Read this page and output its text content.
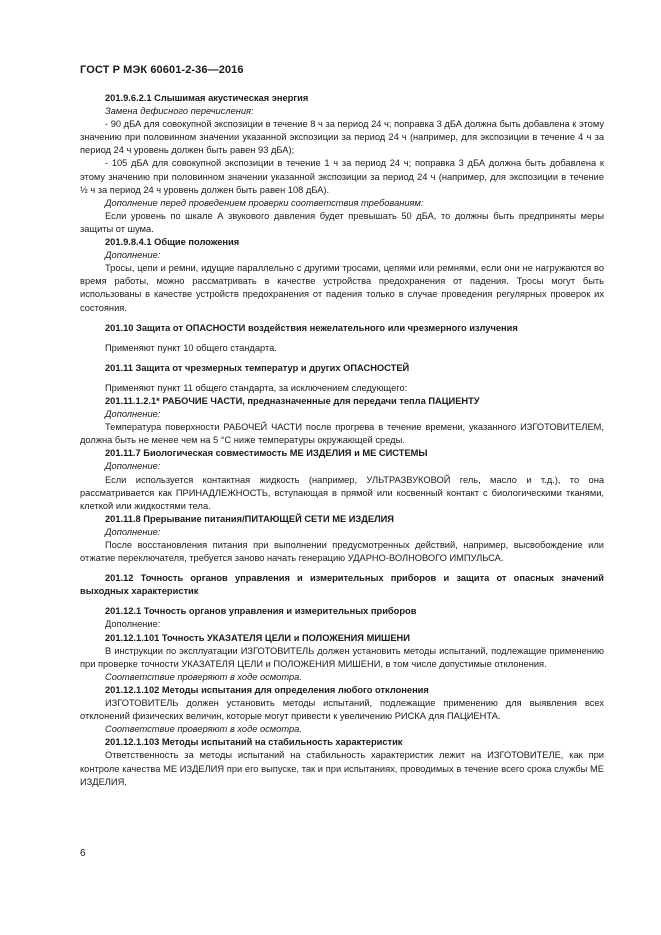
ГОСТ Р МЭК 60601-2-36—2016

201.9.6.2.1 Слышимая акустическая энергия

Замена дефисного перечисления:

- 90 дБА для совокупной экспозиции в течение 8 ч за период 24 ч; поправка 3 дБА должна быть добавлена к этому значению при половинном значении указанной экспозиции за период 24 ч (например, для экспозиции в течение 4 ч за период 24 ч уровень должен быть равен 93 дБА);

- 105 дБА для совокупной экспозиции в течение 1 ч за период 24 ч; поправка 3 дБА должна быть добавлена к этому значению при половинном значении указанной экспозиции за период 24 ч (например, для экспозиции в течение ½ ч за период 24 ч уровень должен быть равен 108 дБА).

Дополнение перед проведением проверки соответствия требованиям:

Если уровень по шкале А звукового давления будет превышать 50 дБА, то должны быть предприняты меры защиты от шума.

201.9.8.4.1 Общие положения

Дополнение:

Тросы, цепи и ремни, идущие параллельно с другими тросами, цепями или ремнями, если они не нагружаются во время работы, можно рассматривать в качестве устройства предохранения от падения. Тросы могут быть использованы в качестве устройств предохранения от падения только в случае проведения регулярных проверок их состояния.

201.10 Защита от ОПАСНОСТИ воздействия нежелательного или чрезмерного излучения

Применяют пункт 10 общего стандарта.

201.11 Защита от чрезмерных температур и других ОПАСНОСТЕЙ

Применяют пункт 11 общего стандарта, за исключением следующего:

201.11.1.2.1* РАБОЧИЕ ЧАСТИ, предназначенные для передачи тепла ПАЦИЕНТУ

Дополнение:

Температура поверхности РАБОЧЕЙ ЧАСТИ после прогрева в течение времени, указанного ИЗГОТОВИТЕЛЕМ, должна быть не менее чем на 5 °С ниже температуры окружающей среды.

201.11.7 Биологическая совместимость МЕ ИЗДЕЛИЯ и МЕ СИСТЕМЫ

Дополнение:

Если используется контактная жидкость (например, УЛЬТРАЗВУКОВОЙ гель, масло и т.д.), то она рассматривается как ПРИНАДЛЕЖНОСТЬ, вступающая в прямой или косвенный контакт с биологическими тканями, клеткой или жидкостями тела.

201.11.8 Прерывание питания/ПИТАЮЩЕЙ СЕТИ МЕ ИЗДЕЛИЯ

Дополнение:

После восстановления питания при выполнении предусмотренных действий, например, высвобождение или отжатие переключателя, требуется заново начать генерацию УДАРНО-ВОЛНОВОГО ИМПУЛЬСА.

201.12 Точность органов управления и измерительных приборов и защита от опасных значений выходных характеристик

201.12.1 Точность органов управления и измерительных приборов

Дополнение:

201.12.1.101 Точность УКАЗАТЕЛЯ ЦЕЛИ и ПОЛОЖЕНИЯ МИШЕНИ

В инструкции по эксплуатации ИЗГОТОВИТЕЛЬ должен установить методы испытаний, подлежащие применению при проверке точности УКАЗАТЕЛЯ ЦЕЛИ и ПОЛОЖЕНИЯ МИШЕНИ, в том числе допустимые отклонения.

Соответствие проверяют в ходе осмотра.

201.12.1.102 Методы испытания для определения любого отклонения

ИЗГОТОВИТЕЛЬ должен установить методы испытаний, подлежащие применению для выявления всех отклонений физических величин, которые могут привести к увеличению РИСКА для ПАЦИЕНТА.

Соответствие проверяют в ходе осмотра.

201.12.1.103 Методы испытаний на стабильность характеристик

Ответственность за методы испытаний на стабильность характеристик лежит на ИЗГОТОВИТЕЛЕ, как при контроле качества МЕ ИЗДЕЛИЯ при его выпуске, так и при испытаниях, проводимых в течение всего срока службы МЕ ИЗДЕЛИЯ.

6
